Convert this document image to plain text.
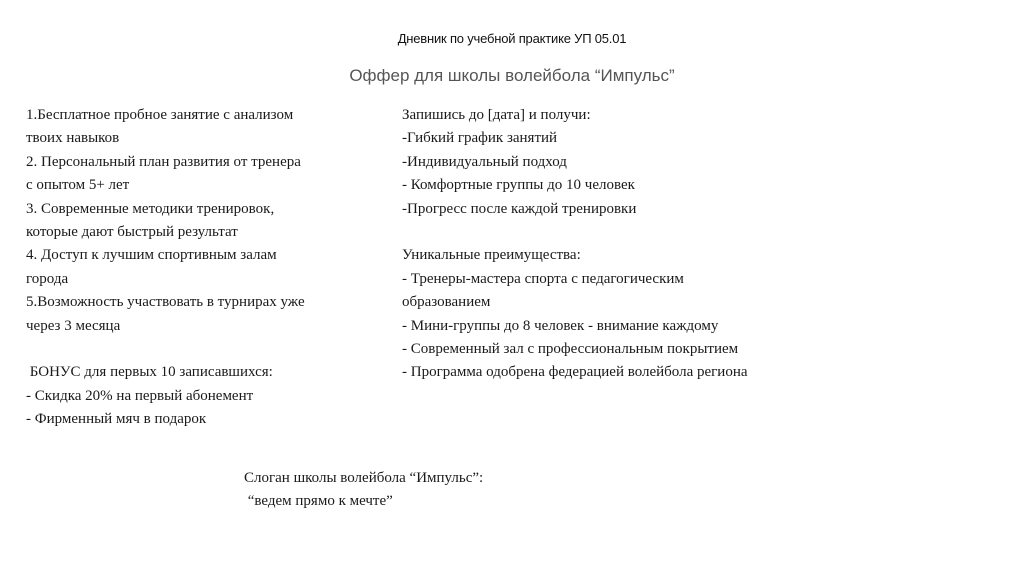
Дневник по учебной практике УП 05.01
Оффер для школы волейбола “Импульс”
1.Бесплатное пробное занятие с анализом
твоих навыков
2. Персональный план развития от тренера
с опытом 5+ лет
3. Современные методики тренировок,
которые дают быстрый результат
4. Доступ к лучшим спортивным залам
города
5.Возможность участвовать в турнирах уже
через 3 месяца
БОНУС для первых 10 записавшихся:
- Скидка 20% на первый абонемент
- Фирменный мяч в подарок
Запишись до [дата] и получи:
-Гибкий график занятий
-Индивидуальный подход
- Комфортные группы до 10 человек
-Прогресс после каждой тренировки
Уникальные преимущества:
- Тренеры-мастера спорта с педагогическим
образованием
- Мини-группы до 8 человек - внимание каждому
- Современный зал с профессиональным покрытием
- Программа одобрена федерацией волейбола региона
Слоган школы волейбола “Импульс”:
“ведем прямо к мечте”
